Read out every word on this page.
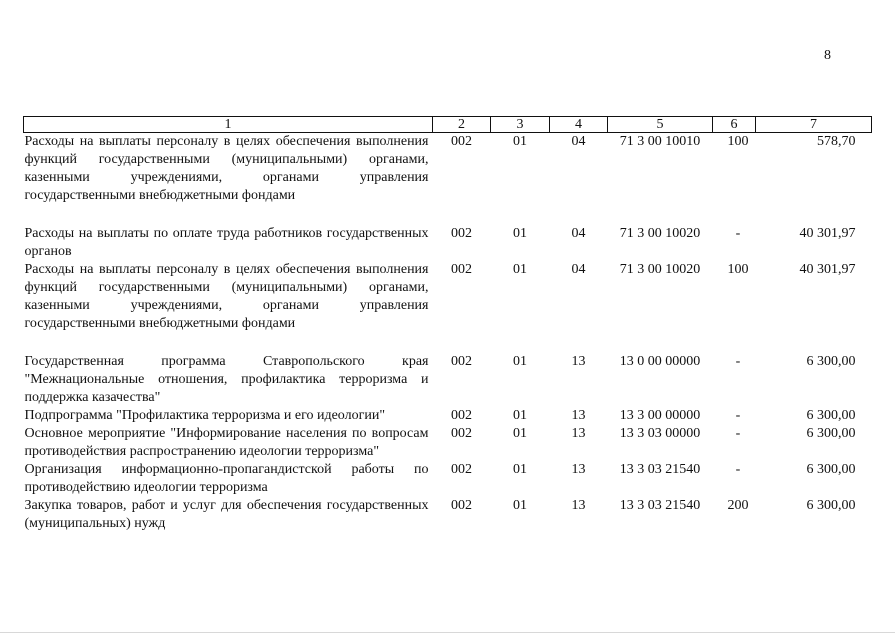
8
1	2	3	4	5	6	7
Расходы на выплаты персоналу в целях обеспечения выполнения функций государственными (муниципальными) органами, казенными учреждениями, органами управления государственными внебюджетными фондами	002	01	04	71 3 00 10010	100	578,70
Расходы на выплаты по оплате труда работников государственных органов	002	01	04	71 3 00 10020	-	40 301,97
Расходы на выплаты персоналу в целях обеспечения выполнения функций государственными (муниципальными) органами, казенными учреждениями, органами управления государственными внебюджетными фондами	002	01	04	71 3 00 10020	100	40 301,97
Государственная программа Ставропольского края "Межнациональные отношения, профилактика терроризма и поддержка казачества"	002	01	13	13 0 00 00000	-	6 300,00
Подпрограмма "Профилактика терроризма и его идеологии"	002	01	13	13 3 00 00000	-	6 300,00
Основное мероприятие "Информирование населения по вопросам противодействия распространению идеологии терроризма"	002	01	13	13 3 03 00000	-	6 300,00
Организация информационно-пропагандистской работы по противодействию идеологии терроризма	002	01	13	13 3 03 21540	-	6 300,00
Закупка товаров, работ и услуг для обеспечения государственных (муниципальных) нужд	002	01	13	13 3 03 21540	200	6 300,00
